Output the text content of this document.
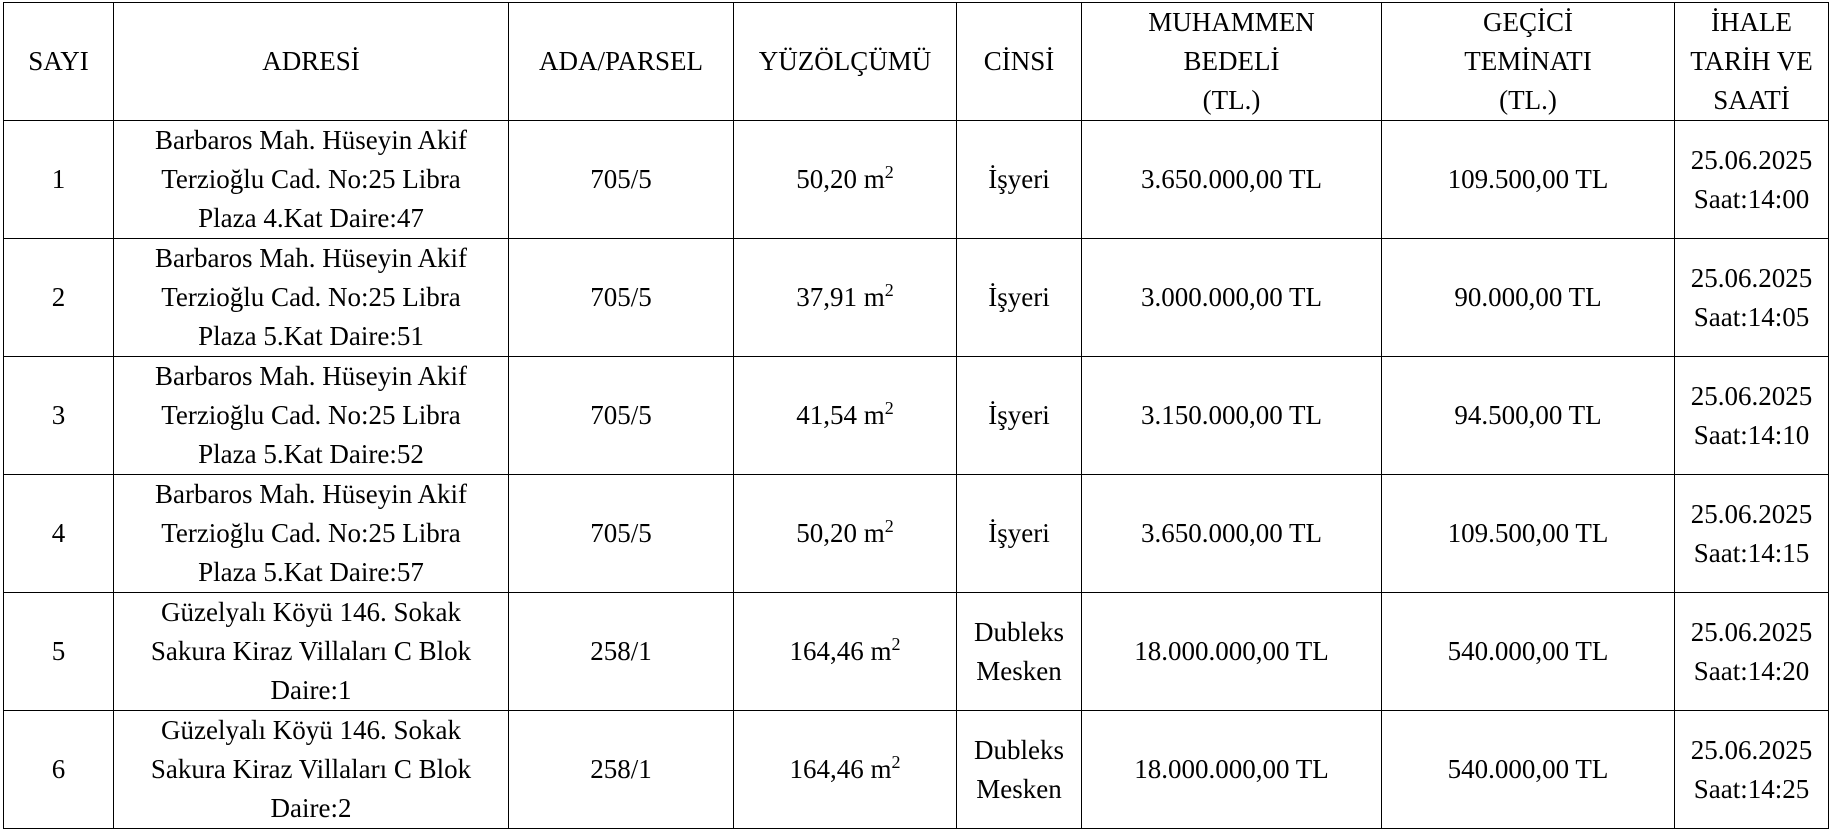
SAYI	ADRESİ	ADA/PARSEL	YÜZÖLÇÜMÜ	CİNSİ	MUHAMMEN
BEDELİ
(TL.)	GEÇİCİ
TEMİNATI
(TL.)	İHALE
TARİH VE
SAATİ
1	Barbaros Mah. Hüseyin Akif
Terzioğlu Cad. No:25 Libra
Plaza 4.Kat Daire:47	705/5	50,20 $m^2$	İşyeri	3.650.000,00 TL	109.500,00 TL	25.06.2025
Saat:14:00
2	Barbaros Mah. Hüseyin Akif
Terzioğlu Cad. No:25 Libra
Plaza 5.Kat Daire:51	705/5	37,91 $m^2$	İşyeri	3.000.000,00 TL	90.000,00 TL	25.06.2025
Saat:14:05
3	Barbaros Mah. Hüseyin Akif
Terzioğlu Cad. No:25 Libra
Plaza 5.Kat Daire:52	705/5	41,54 $m^2$	İşyeri	3.150.000,00 TL	94.500,00 TL	25.06.2025
Saat:14:10
4	Barbaros Mah. Hüseyin Akif
Terzioğlu Cad. No:25 Libra
Plaza 5.Kat Daire:57	705/5	50,20 $m^2$	İşyeri	3.650.000,00 TL	109.500,00 TL	25.06.2025
Saat:14:15
5	Güzelyalı Köyü 146. Sokak
Sakura Kiraz Villaları C Blok
Daire:1	258/1	164,46 $m^2$	Dubleks
Mesken	18.000.000,00 TL	540.000,00 TL	25.06.2025
Saat:14:20
6	Güzelyalı Köyü 146. Sokak
Sakura Kiraz Villaları C Blok
Daire:2	258/1	164,46 $m^2$	Dubleks
Mesken	18.000.000,00 TL	540.000,00 TL	25.06.2025
Saat:14:25
